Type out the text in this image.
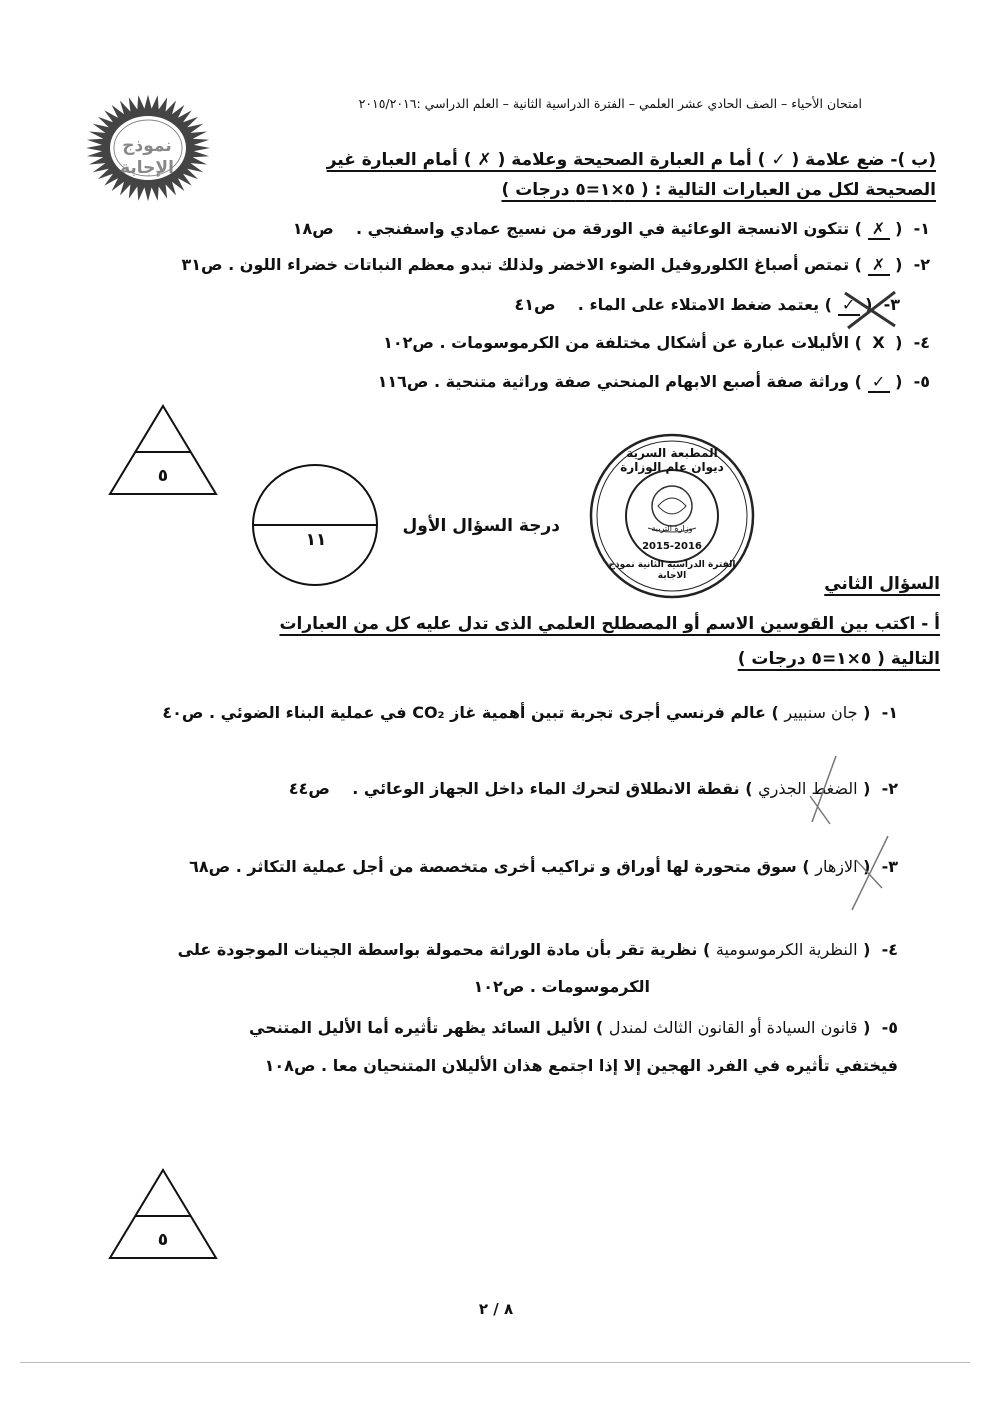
امتحان الأحياء – الصف الحادي عشر العلمي – الفترة الدراسية الثانية – العلم الدراسي :٢٠١٥/٢٠١٦
نموذج الإجابة	(ب )- ضع علامة ( ✓ ) أما م العبارة الصحيحة وعلامة ( ✗ ) أمام العبارة غير
الصحيحة لكل من العبارات التالية : ( ٥×١=٥ درجات )
١-  ( ✗ ) تتكون الانسجة الوعائية في الورقة من نسيج عمادي واسفنجي .    ص١٨
٢-  ( ✗ ) تمتص أصباغ الكلوروفيل الضوء الاخضر ولذلك تبدو معظم النباتات خضراء اللون . ص٣١
٣-  ( ✓ ) يعتمد ضغط الامتلاء على الماء .    ص٤١
٤-  ( X ) الأليلات عبارة عن أشكال مختلفة من الكرموسومات . ص١٠٢
٥-  ( ✓ ) وراثة صفة أصبع الابهام المنحني صفة وراثية متنحية . ص١١٦
٥
١١
درجة السؤال الأول
المطبعة السرية ديوان عام الوزارة
وزارة التربية
2015-2016
الفترة الدراسية الثانية نموذج الاجابة	السؤال الثاني
أ - اكتب بين القوسين الاسم أو المصطلح العلمي الذى تدل عليه كل من العبارات
التالية ( ٥×١=٥ درجات )
١-  ( جان سنبيير ) عالم فرنسي أجرى تجربة تبين أهمية غاز CO₂ في عملية البناء الضوئي . ص٤٠
٢-  ( الضغط الجذري ) نقطة الانطلاق لتحرك الماء داخل الجهاز الوعائي .    ص٤٤
٣-  ( الازهار ) سوق متحورة لها أوراق و تراكيب أخرى متخصصة من أجل عملية التكاثر . ص٦٨
٤-  ( النظرية الكرموسومية ) نظرية تقر بأن مادة الوراثة محمولة بواسطة الجينات الموجودة على
الكرموسومات . ص١٠٢
٥-  ( قانون السيادة أو القانون الثالث لمندل ) الأليل السائد يظهر تأثيره أما الأليل المتنحي
فيختفي تأثيره في الفرد الهجين إلا إذا اجتمع هذان الأليلان المتنحيان معا . ص١٠٨
٥
٨ / ٢
